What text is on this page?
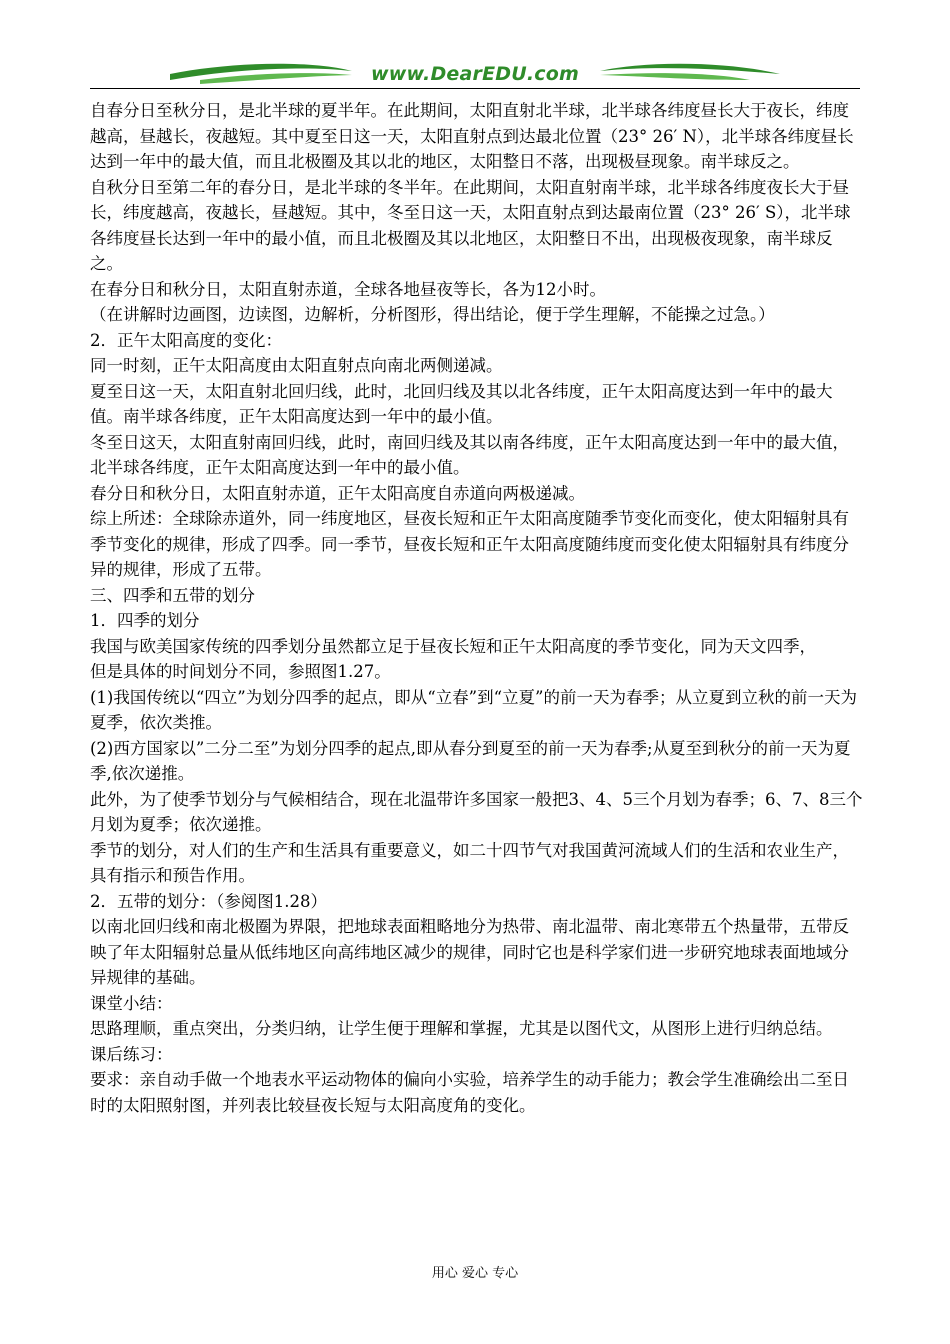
www.DearEDU.com

自春分日至秋分日，是北半球的夏半年。在此期间，太阳直射北半球，北半球各纬度昼长大于夜长，纬度越高，昼越长，夜越短。其中夏至日这一天，太阳直射点到达最北位置（23° 26′ N），北半球各纬度昼长达到一年中的最大值，而且北极圈及其以北的地区，太阳整日不落，出现极昼现象。南半球反之。

自秋分日至第二年的春分日，是北半球的冬半年。在此期间，太阳直射南半球，北半球各纬度夜长大于昼长，纬度越高，夜越长，昼越短。其中，冬至日这一天，太阳直射点到达最南位置（23° 26′ S），北半球各纬度昼长达到一年中的最小值，而且北极圈及其以北地区，太阳整日不出，出现极夜现象，南半球反之。

在春分日和秋分日，太阳直射赤道，全球各地昼夜等长，各为12小时。

（在讲解时边画图，边读图，边解析，分析图形，得出结论，便于学生理解，不能操之过急。）

2．正午太阳高度的变化：

同一时刻，正午太阳高度由太阳直射点向南北两侧递减。

夏至日这一天，太阳直射北回归线，此时，北回归线及其以北各纬度，正午太阳高度达到一年中的最大值。南半球各纬度，正午太阳高度达到一年中的最小值。

冬至日这天，太阳直射南回归线，此时，南回归线及其以南各纬度，正午太阳高度达到一年中的最大值，北半球各纬度，正午太阳高度达到一年中的最小值。

春分日和秋分日，太阳直射赤道，正午太阳高度自赤道向两极递减。

综上所述：全球除赤道外，同一纬度地区，昼夜长短和正午太阳高度随季节变化而变化，使太阳辐射具有季节变化的规律，形成了四季。同一季节，昼夜长短和正午太阳高度随纬度而变化使太阳辐射具有纬度分异的规律，形成了五带。

三、四季和五带的划分

1．四季的划分

我国与欧美国家传统的四季划分虽然都立足于昼夜长短和正午太阳高度的季节变化，同为天文四季，

但是具体的时间划分不同，参照图1.27。

(1)我国传统以“四立”为划分四季的起点，即从“立春”到“立夏”的前一天为春季；从立夏到立秋的前一天为夏季，依次类推。

(2)西方国家以”二分二至”为划分四季的起点,即从春分到夏至的前一天为春季;从夏至到秋分的前一天为夏季,依次递推。

此外，为了使季节划分与气候相结合，现在北温带许多国家一般把3、4、5三个月划为春季；6、7、8三个月划为夏季；依次递推。

季节的划分，对人们的生产和生活具有重要意义，如二十四节气对我国黄河流域人们的生活和农业生产，具有指示和预告作用。

2．五带的划分：（参阅图1.28）

以南北回归线和南北极圈为界限，把地球表面粗略地分为热带、南北温带、南北寒带五个热量带，五带反映了年太阳辐射总量从低纬地区向高纬地区减少的规律，同时它也是科学家们进一步研究地球表面地域分异规律的基础。

课堂小结：

思路理顺，重点突出，分类归纳，让学生便于理解和掌握，尤其是以图代文，从图形上进行归纳总结。

课后练习：

要求：亲自动手做一个地表水平运动物体的偏向小实验，培养学生的动手能力；教会学生准确绘出二至日时的太阳照射图，并列表比较昼夜长短与太阳高度角的变化。

用心 爱心 专心
